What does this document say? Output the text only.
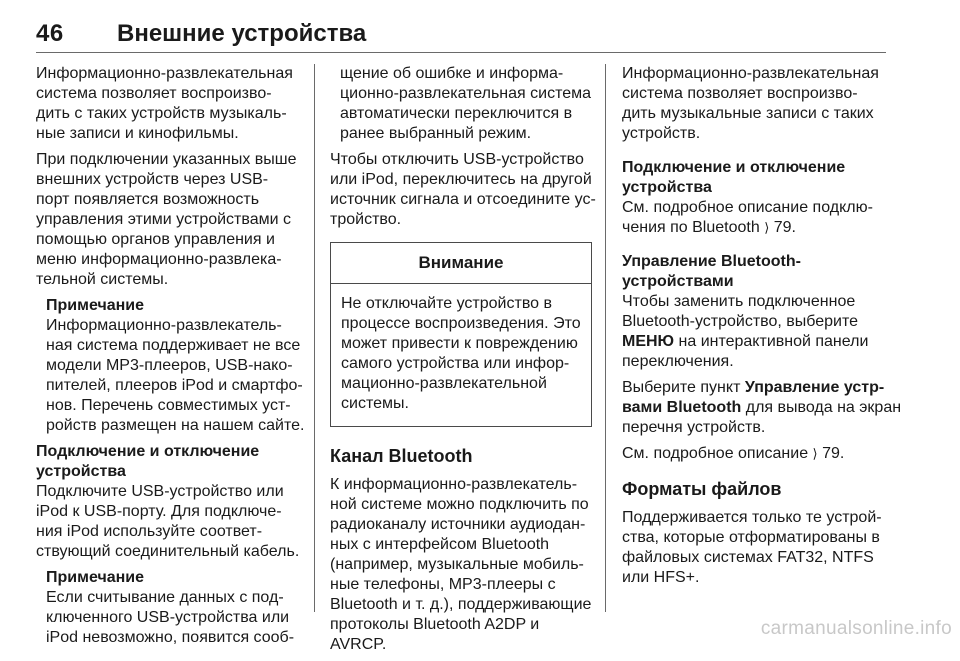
46 Внешние устройства

Информационно-развлекательная
система позволяет воспроизво-
дить с таких устройств музыкаль-
ные записи и кинофильмы.

При подключении указанных выше
внешних устройств через USB-
порт появляется возможность
управления этими устройствами с
помощью органов управления и
меню информационно-развлека-
тельной системы.

Примечание
Информационно-развлекатель-
ная система поддерживает не все
модели MP3-плееров, USB-нако-
пителей, плееров iPod и смартфо-
нов. Перечень совместимых уст-
ройств размещен на нашем сайте.
Подключение и отключение
устройства

Подключите USB-устройство или
iPod к USB-порту. Для подключе-
ния iPod используйте соответ-
ствующий соединительный кабель.

Примечание
Если считывание данных с под-
ключенного USB-устройства или
iPod невозможно, появится сооб-
щение об ошибке и информа-
ционно-развлекательная система
автоматически переключится в
ранее выбранный режим.

Чтобы отключить USB-устройство
или iPod, переключитесь на другой
источник сигнала и отсоедините ус-
тройство.

Внимание
Не отключайте устройство в
процессе воспроизведения. Это
может привести к повреждению
самого устройства или инфор-
мационно-развлекательной
системы.
Канал Bluetooth

К информационно-развлекатель-
ной системе можно подключить по
радиоканалу источники аудиодан-
ных с интерфейсом Bluetooth
(например, музыкальные мобиль-
ные телефоны, MP3-плееры с
Bluetooth и т. д.), поддерживающие
протоколы Bluetooth A2DP и
AVRCP.

Информационно-развлекательная
система позволяет воспроизво-
дить музыкальные записи с таких
устройств.

Подключение и отключение
устройства

См. подробное описание подклю-
чения по Bluetooth ⟩ 79.

Управление Bluetooth-
устройствами

Чтобы заменить подключенное
Bluetooth-устройство, выберите
МЕНЮ на интерактивной панели
переключения.

Выберите пункт Управление устр-
вами Bluetooth для вывода на экран
перечня устройств.

См. подробное описание ⟩ 79.

Форматы файлов

Поддерживается только те устрой-
ства, которые отформатированы в
файловых системах FAT32, NTFS
или HFS+.

carmanualsonline.info
